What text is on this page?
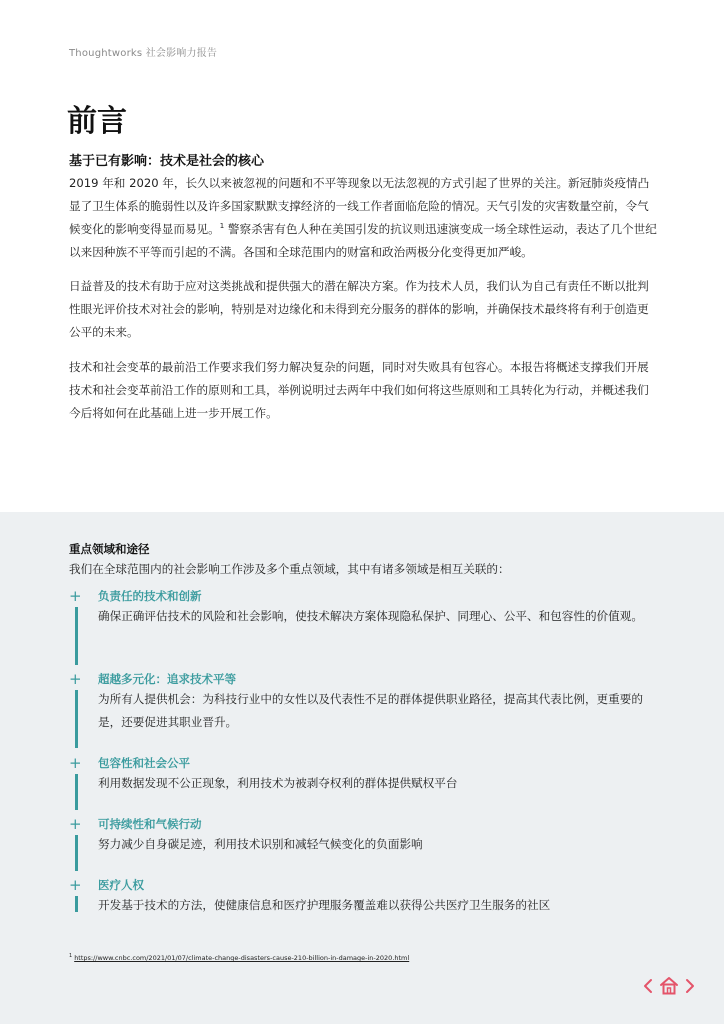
Thoughtworks 社会影响力报告
前言
基于已有影响：技术是社会的核心

2019 年和 2020 年，长久以来被忽视的问题和不平等现象以无法忽视的方式引起了世界的关注。新冠肺炎疫情凸显了卫生体系的脆弱性以及许多国家默默支撑经济的一线工作者面临危险的情况。天气引发的灾害数量空前，令气候变化的影响变得显而易见。$^1$ 警察杀害有色人种在美国引发的抗议则迅速演变成一场全球性运动，表达了几个世纪以来因种族不平等而引起的不满。各国和全球范围内的财富和政治两极分化变得更加严峻。

日益普及的技术有助于应对这类挑战和提供强大的潜在解决方案。作为技术人员，我们认为自己有责任不断以批判性眼光评价技术对社会的影响，特别是对边缘化和未得到充分服务的群体的影响，并确保技术最终将有利于创造更公平的未来。

技术和社会变革的最前沿工作要求我们努力解决复杂的问题，同时对失败具有包容心。本报告将概述支撑我们开展技术和社会变革前沿工作的原则和工具，举例说明过去两年中我们如何将这些原则和工具转化为行动，并概述我们今后将如何在此基础上进一步开展工作。

重点领域和途径
我们在全球范围内的社会影响工作涉及多个重点领域，其中有诸多领域是相互关联的：
+ 负责任的技术和创新

确保正确评估技术的风险和社会影响，使技术解决方案体现隐私保护、同理心、公平、和包容性的价值观。

+ 超越多元化：追求技术平等

为所有人提供机会：为科技行业中的女性以及代表性不足的群体提供职业路径，提高其代表比例，更重要的是，还要促进其职业晋升。

+ 包容性和社会公平

利用数据发现不公正现象，利用技术为被剥夺权利的群体提供赋权平台

+ 可持续性和气候行动

努力减少自身碳足迹，利用技术识别和减轻气候变化的负面影响

+ 医疗人权

开发基于技术的方法，使健康信息和医疗护理服务覆盖难以获得公共医疗卫生服务的社区

$^1$ https://www.cnbc.com/2021/01/07/climate-change-disasters-cause-210-billion-in-damage-in-2020.html
